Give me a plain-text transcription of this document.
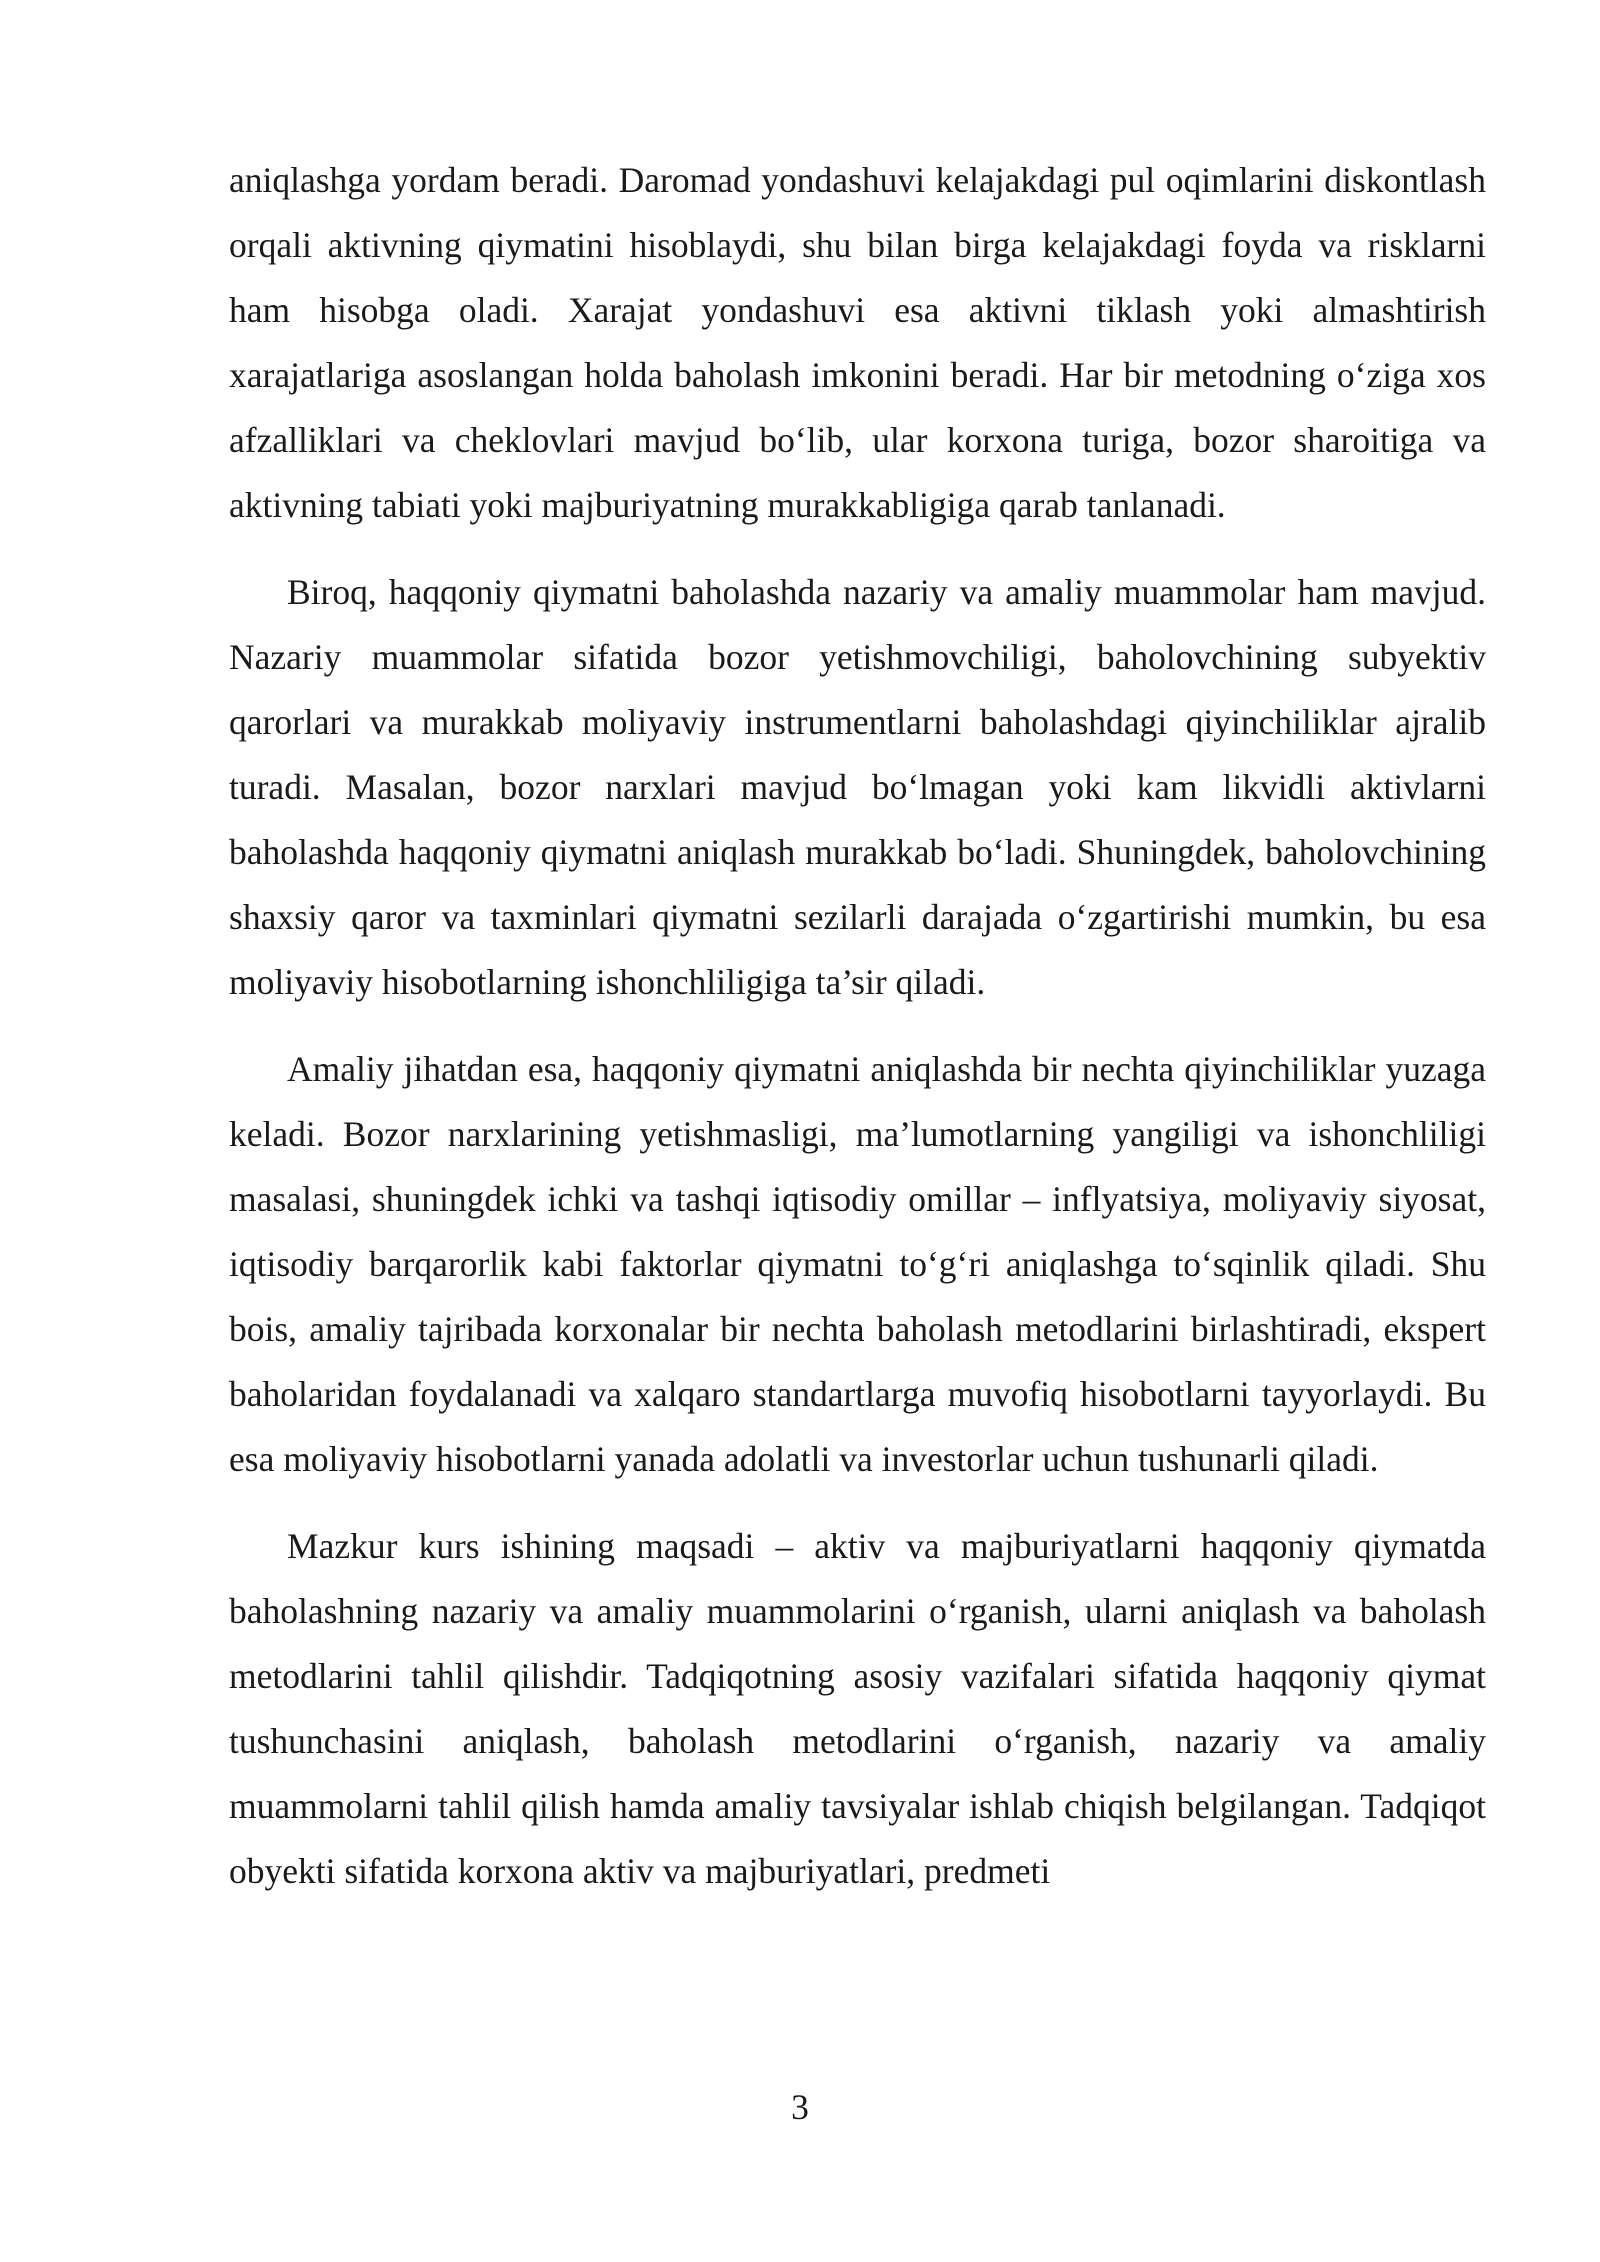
aniqlashga yordam beradi. Daromad yondashuvi kelajakdagi pul oqimlarini diskontlash orqali aktivning qiymatini hisoblaydi, shu bilan birga kelajakdagi foyda va risklarni ham hisobga oladi. Xarajat yondashuvi esa aktivni tiklash yoki almashtirish xarajatlariga asoslangan holda baholash imkonini beradi. Har bir metodning o‘ziga xos afzalliklari va cheklovlari mavjud bo‘lib, ular korxona turiga, bozor sharoitiga va aktivning tabiati yoki majburiyatning murakkabligiga qarab tanlanadi.

Biroq, haqqoniy qiymatni baholashda nazariy va amaliy muammolar ham mavjud. Nazariy muammolar sifatida bozor yetishmovchiligi, baholovchining subyektiv qarorlari va murakkab moliyaviy instrumentlarni baholashdagi qiyinchiliklar ajralib turadi. Masalan, bozor narxlari mavjud bo‘lmagan yoki kam likvidli aktivlarni baholashda haqqoniy qiymatni aniqlash murakkab bo‘ladi. Shuningdek, baholovchining shaxsiy qaror va taxminlari qiymatni sezilarli darajada o‘zgartirishi mumkin, bu esa moliyaviy hisobotlarning ishonchliligiga ta’sir qiladi.

Amaliy jihatdan esa, haqqoniy qiymatni aniqlashda bir nechta qiyinchiliklar yuzaga keladi. Bozor narxlarining yetishmasligi, ma’lumotlarning yangiligi va ishonchliligi masalasi, shuningdek ichki va tashqi iqtisodiy omillar – inflyatsiya, moliyaviy siyosat, iqtisodiy barqarorlik kabi faktorlar qiymatni to‘g‘ri aniqlashga to‘sqinlik qiladi. Shu bois, amaliy tajribada korxonalar bir nechta baholash metodlarini birlashtiradi, ekspert baholaridan foydalanadi va xalqaro standartlarga muvofiq hisobotlarni tayyorlaydi. Bu esa moliyaviy hisobotlarni yanada adolatli va investorlar uchun tushunarli qiladi.

Mazkur kurs ishining maqsadi – aktiv va majburiyatlarni haqqoniy qiymatda baholashning nazariy va amaliy muammolarini o‘rganish, ularni aniqlash va baholash metodlarini tahlil qilishdir. Tadqiqotning asosiy vazifalari sifatida haqqoniy qiymat tushunchasini aniqlash, baholash metodlarini o‘rganish, nazariy va amaliy muammolarni tahlil qilish hamda amaliy tavsiyalar ishlab chiqish belgilangan. Tadqiqot obyekti sifatida korxona aktiv va majburiyatlari, predmeti

3
